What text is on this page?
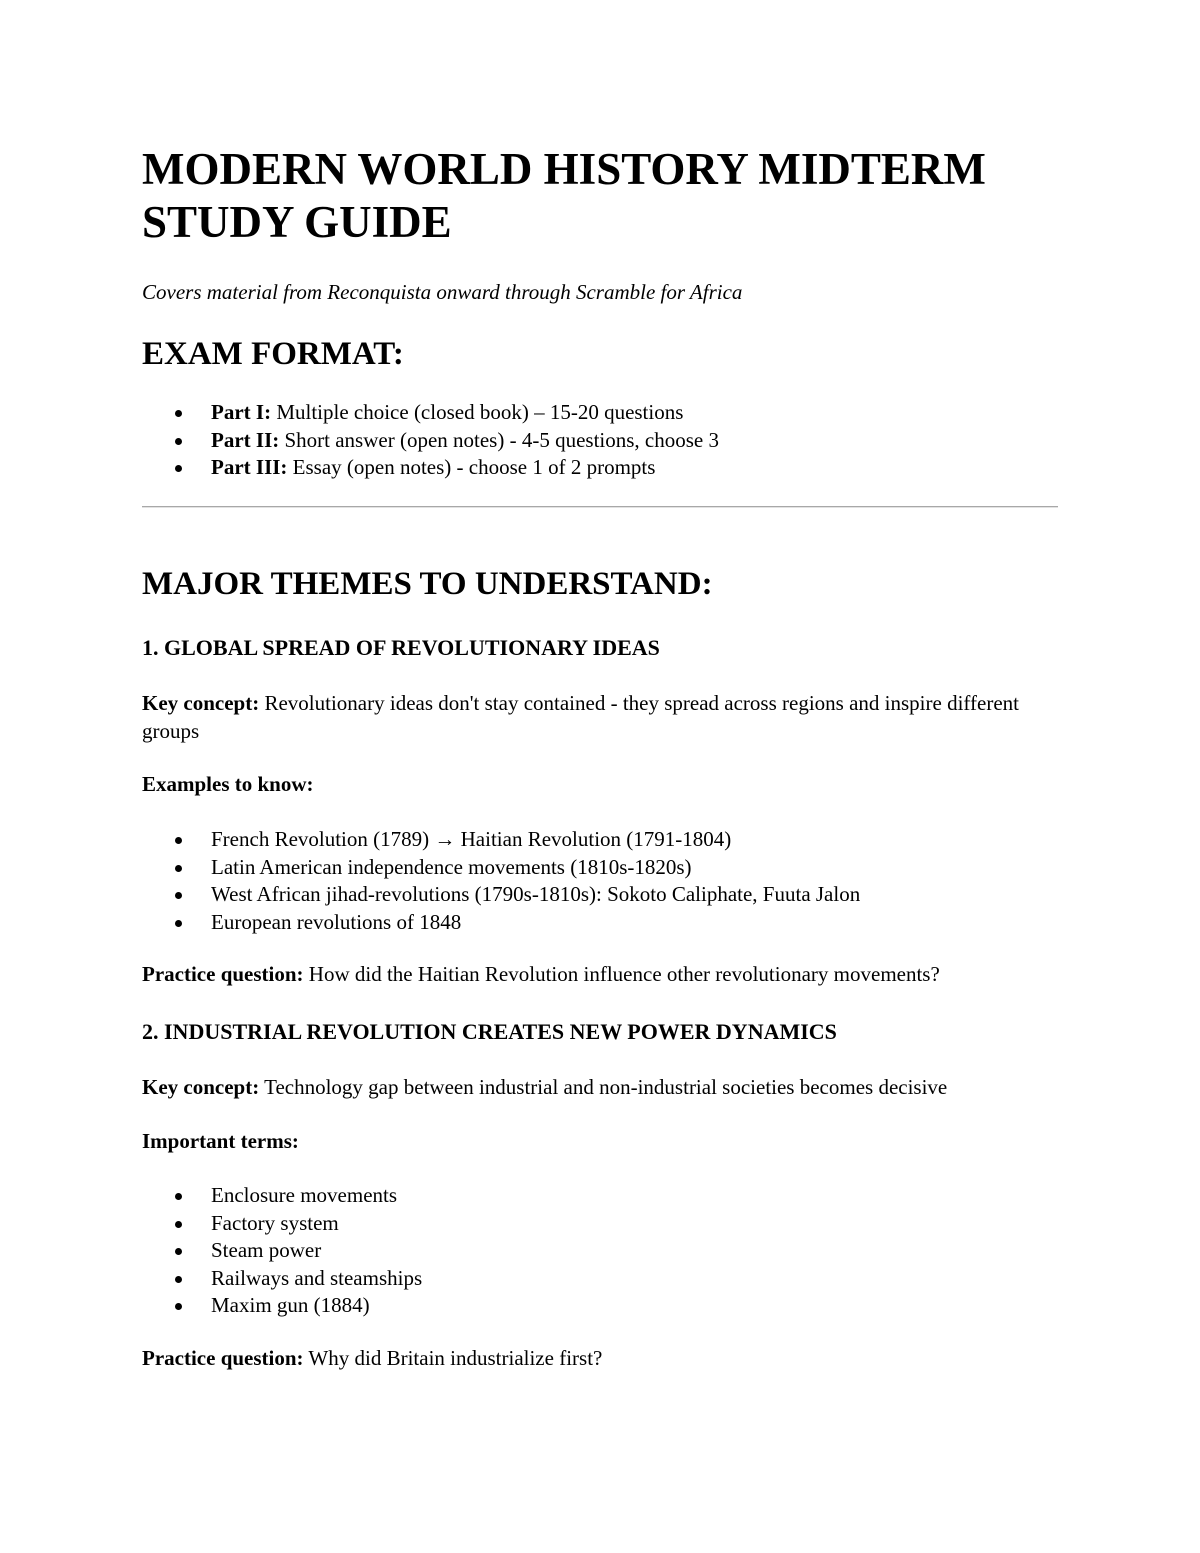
MODERN WORLD HISTORY MIDTERM STUDY GUIDE

Covers material from Reconquista onward through Scramble for Africa

EXAM FORMAT:
Part I: Multiple choice (closed book) – 15-20 questions
Part II: Short answer (open notes) - 4-5 questions, choose 3
Part III: Essay (open notes) - choose 1 of 2 prompts
MAJOR THEMES TO UNDERSTAND:
1. GLOBAL SPREAD OF REVOLUTIONARY IDEAS

Key concept: Revolutionary ideas don't stay contained - they spread across regions and inspire different groups

Examples to know:

French Revolution (1789) → Haitian Revolution (1791-1804)
Latin American independence movements (1810s-1820s)
West African jihad-revolutions (1790s-1810s): Sokoto Caliphate, Fuuta Jalon
European revolutions of 1848

Practice question: How did the Haitian Revolution influence other revolutionary movements?

2. INDUSTRIAL REVOLUTION CREATES NEW POWER DYNAMICS

Key concept: Technology gap between industrial and non-industrial societies becomes decisive

Important terms:

Enclosure movements
Factory system
Steam power
Railways and steamships
Maxim gun (1884)

Practice question: Why did Britain industrialize first?
